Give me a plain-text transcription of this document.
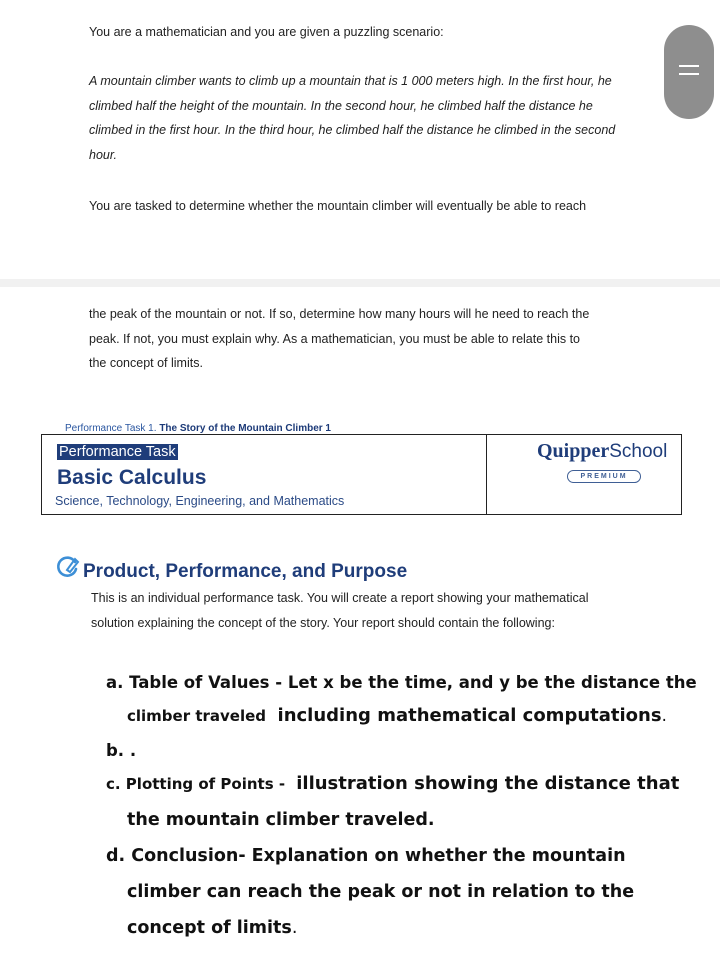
You are a mathematician and you are given a puzzling scenario:
A mountain climber wants to climb up a mountain that is 1 000 meters high. In the first hour, he
climbed half the height of the mountain. In the second hour, he climbed half the distance he
climbed in the first hour. In the third hour, he climbed half the distance he climbed in the second
hour.
You are tasked to determine whether the mountain climber will eventually be able to reach
the peak of the mountain or not. If so, determine how many hours will he need to reach the
peak. If not, you must explain why. As a mathematician, you must be able to relate this to
the concept of limits.
Performance Task 1. The Story of the Mountain Climber 1
Performance Task
Basic Calculus
Science, Technology, Engineering, and Mathematics
QuipperSchool
PREMIUM
Product, Performance, and Purpose
This is an individual performance task. You will create a report showing your mathematical
solution explaining the concept of the story. Your report should contain the following:
a. Table of Values - Let x be the time, and y be the distance the
climber traveled including mathematical computations.
b. .
c. Plotting of Points - illustration showing the distance that
the mountain climber traveled.
d. Conclusion- Explanation on whether the mountain
climber can reach the peak or not in relation to the
concept of limits.
